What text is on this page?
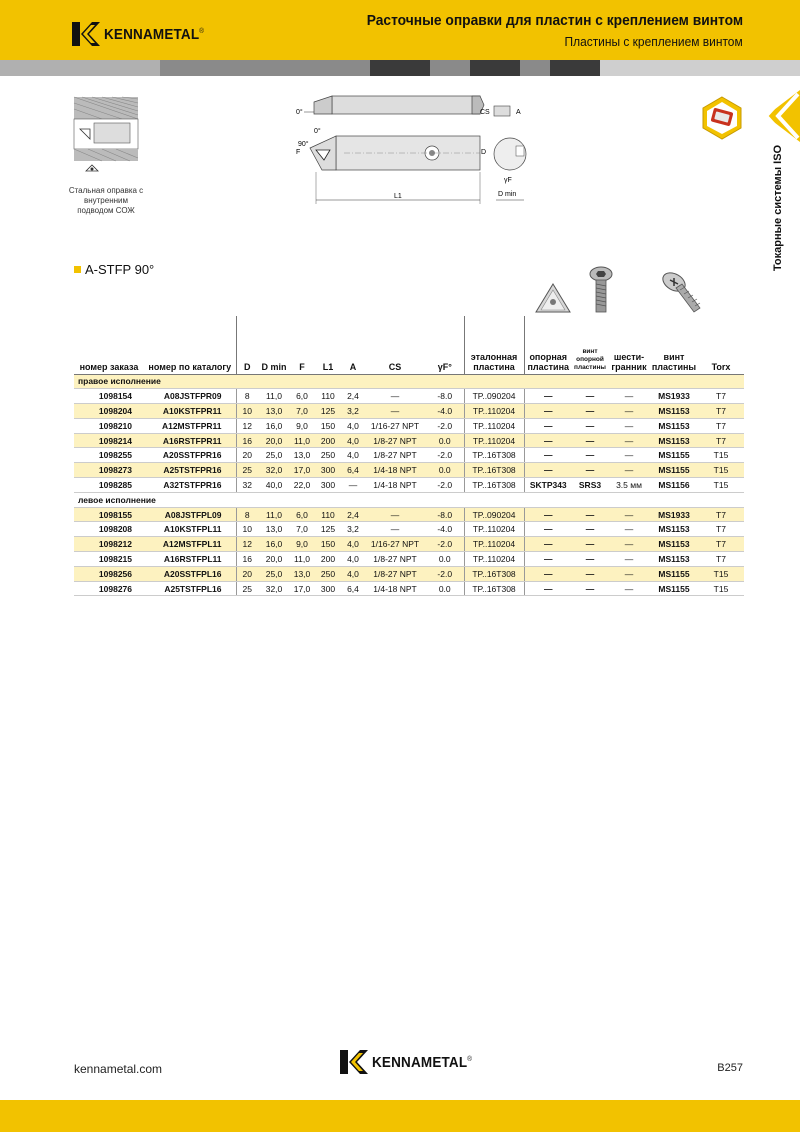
KENNAMETAL®
Расточные оправки для пластин с креплением винтом
Пластины с креплением винтом
Токарные системы ISO
Стальная оправка с внутренним подводом СОЖ
0°
0°
F
90°
L1
CS	A
D
γF
D min
A-STFP 90°
номер заказа	номер по каталогу	D	D min	F	L1	A	CS	γF°	эталонная пластина	опорная пластина	винт опорной пластины	шести- гранник	винт пластины	Torx
правое исполнение														
1098154	A08JSTFPR09	8	11,0	6,0	110	2,4	—	-8.0	TP..090204	—	—	—	MS1933	T7
1098204	A10KSTFPR11	10	13,0	7,0	125	3,2	—	-4.0	TP..110204	—	—	—	MS1153	T7
1098210	A12MSTFPR11	12	16,0	9,0	150	4,0	1/16-27 NPT	-2.0	TP..110204	—	—	—	MS1153	T7
1098214	A16RSTFPR11	16	20,0	11,0	200	4,0	1/8-27 NPT	0.0	TP..110204	—	—	—	MS1153	T7
1098255	A20SSTFPR16	20	25,0	13,0	250	4,0	1/8-27 NPT	-2.0	TP..16T308	—	—	—	MS1155	T15
1098273	A25TSTFPR16	25	32,0	17,0	300	6,4	1/4-18 NPT	0.0	TP..16T308	—	—	—	MS1155	T15
1098285	A32TSTFPR16	32	40,0	22,0	300	—	1/4-18 NPT	-2.0	TP..16T308	SKTP343	SRS3	3.5 мм	MS1156	T15
левое исполнение														
1098155	A08JSTFPL09	8	11,0	6,0	110	2,4	—	-8.0	TP..090204	—	—	—	MS1933	T7
1098208	A10KSTFPL11	10	13,0	7,0	125	3,2	—	-4.0	TP..110204	—	—	—	MS1153	T7
1098212	A12MSTFPL11	12	16,0	9,0	150	4,0	1/16-27 NPT	-2.0	TP..110204	—	—	—	MS1153	T7
1098215	A16RSTFPL11	16	20,0	11,0	200	4,0	1/8-27 NPT	0.0	TP..110204	—	—	—	MS1153	T7
1098256	A20SSTFPL16	20	25,0	13,0	250	4,0	1/8-27 NPT	-2.0	TP..16T308	—	—	—	MS1155	T15
1098276	A25TSTFPL16	25	32,0	17,0	300	6,4	1/4-18 NPT	0.0	TP..16T308	—	—	—	MS1155	T15
kennametal.com	KENNAMETAL®
B257
